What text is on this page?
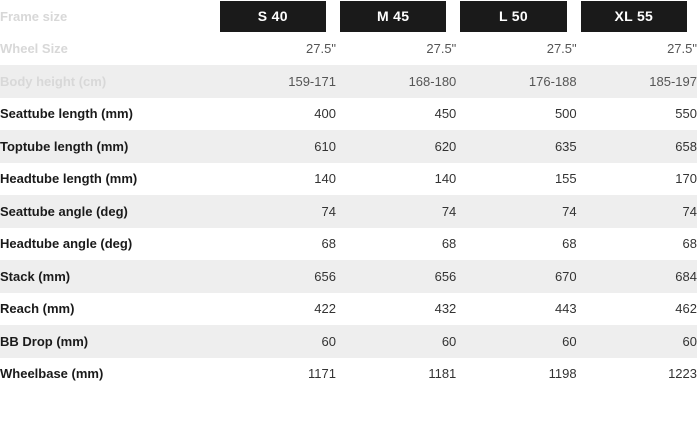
Frame size	S 40	M 45	L 50	XL 55

Wheel Size	27.5"	27.5"	27.5"	27.5"
Body height (cm)	159-171	168-180	176-188	185-197
Seattube length (mm)	400	450	500	550
Toptube length (mm)	610	620	635	658
Headtube length (mm)	140	140	155	170
Seattube angle (deg)	74	74	74	74
Headtube angle (deg)	68	68	68	68
Stack (mm)	656	656	670	684
Reach (mm)	422	432	443	462
BB Drop (mm)	60	60	60	60
Wheelbase (mm)	1171	1181	1198	1223
